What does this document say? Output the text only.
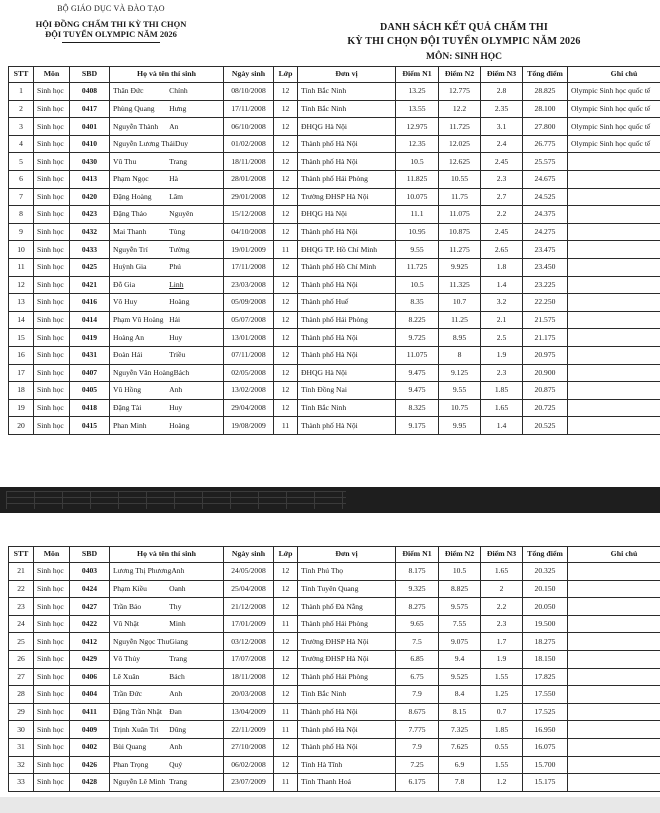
BỘ GIÁO DỤC VÀ ĐÀO TẠO
HỘI ĐỒNG CHẤM THI KỲ THI CHỌN
ĐỘI TUYỂN OLYMPIC NĂM 2026
DANH SÁCH KẾT QUẢ CHẤM THI
KỲ THI CHỌN ĐỘI TUYỂN OLYMPIC NĂM 2026
MÔN: SINH HỌC
STT	Môn	SBD	Họ và tên thí sinh	Ngày sinh	Lớp	Đơn vị	Điểm N1	Điểm N2	Điểm N3	Tổng điểm	Ghi chú
1	Sinh học	0408	Thân Đức Chính	08/10/2008	12	Tỉnh Bắc Ninh	13.25	12.775	2.8	28.825	Olympic Sinh học quốc tế
2	Sinh học	0417	Phùng Quang Hưng	17/11/2008	12	Tỉnh Bắc Ninh	13.55	12.2	2.35	28.100	Olympic Sinh học quốc tế
3	Sinh học	0401	Nguyễn Thành An	06/10/2008	12	ĐHQG Hà Nội	12.975	11.725	3.1	27.800	Olympic Sinh học quốc tế
4	Sinh học	0410	Nguyễn Lương Thái Duy	01/02/2008	12	Thành phố Hà Nội	12.35	12.025	2.4	26.775	Olympic Sinh học quốc tế
5	Sinh học	0430	Vũ Thu Trang	18/11/2008	12	Thành phố Hà Nội	10.5	12.625	2.45	25.575	
6	Sinh học	0413	Phạm Ngọc Hà	28/01/2008	12	Thành phố Hải Phòng	11.825	10.55	2.3	24.675	
7	Sinh học	0420	Đặng Hoàng Lâm	29/01/2008	12	Trường ĐHSP Hà Nội	10.075	11.75	2.7	24.525	
8	Sinh học	0423	Đặng Thảo Nguyên	15/12/2008	12	ĐHQG Hà Nội	11.1	11.075	2.2	24.375	
9	Sinh học	0432	Mai Thanh Tùng	04/10/2008	12	Thành phố Hà Nội	10.95	10.875	2.45	24.275	
10	Sinh học	0433	Nguyễn Trí Tường	19/01/2009	11	ĐHQG TP. Hồ Chí Minh	9.55	11.275	2.65	23.475	
11	Sinh học	0425	Huỳnh Gia Phú	17/11/2008	12	Thành phố Hồ Chí Minh	11.725	9.925	1.8	23.450	
12	Sinh học	0421	Đỗ Gia Linh	23/03/2008	12	Thành phố Hà Nội	10.5	11.325	1.4	23.225	
13	Sinh học	0416	Võ Huy Hoàng	05/09/2008	12	Thành phố Huế	8.35	10.7	3.2	22.250	
14	Sinh học	0414	Phạm Vũ Hoàng Hải	05/07/2008	12	Thành phố Hải Phòng	8.225	11.25	2.1	21.575	
15	Sinh học	0419	Hoàng An Huy	13/01/2008	12	Thành phố Hà Nội	9.725	8.95	2.5	21.175	
16	Sinh học	0431	Đoàn Hải Triều	07/11/2008	12	Thành phố Hà Nội	11.075	8	1.9	20.975	
17	Sinh học	0407	Nguyễn Văn Hoàng Bách	02/05/2008	12	ĐHQG Hà Nội	9.475	9.125	2.3	20.900	
18	Sinh học	0405	Vũ Hồng Anh	13/02/2008	12	Tỉnh Đồng Nai	9.475	9.55	1.85	20.875	
19	Sinh học	0418	Đặng Tài Huy	29/04/2008	12	Tỉnh Bắc Ninh	8.325	10.75	1.65	20.725	
20	Sinh học	0415	Phan Minh Hoàng	19/08/2009	11	Thành phố Hà Nội	9.175	9.95	1.4	20.525	
STT	Môn	SBD	Họ và tên thí sinh	Ngày sinh	Lớp	Đơn vị	Điểm N1	Điểm N2	Điểm N3	Tổng điểm	Ghi chú
21	Sinh học	0403	Lương Thị Phương Anh	24/05/2008	12	Tỉnh Phú Thọ	8.175	10.5	1.65	20.325	
22	Sinh học	0424	Phạm Kiều Oanh	25/04/2008	12	Tỉnh Tuyên Quang	9.325	8.825	2	20.150	
23	Sinh học	0427	Trần Bảo Thy	21/12/2008	12	Thành phố Đà Nẵng	8.275	9.575	2.2	20.050	
24	Sinh học	0422	Vũ Nhật Minh	17/01/2009	11	Thành phố Hải Phòng	9.65	7.55	2.3	19.500	
25	Sinh học	0412	Nguyễn Ngọc Thu Giang	03/12/2008	12	Trường ĐHSP Hà Nội	7.5	9.075	1.7	18.275	
26	Sinh học	0429	Võ Thủy Trang	17/07/2008	12	Trường ĐHSP Hà Nội	6.85	9.4	1.9	18.150	
27	Sinh học	0406	Lê Xuân Bách	18/11/2008	12	Thành phố Hải Phòng	6.75	9.525	1.55	17.825	
28	Sinh học	0404	Trần Đức Anh	20/03/2008	12	Tỉnh Bắc Ninh	7.9	8.4	1.25	17.550	
29	Sinh học	0411	Đặng Trần Nhật Đan	13/04/2009	11	Thành phố Hà Nội	8.675	8.15	0.7	17.525	
30	Sinh học	0409	Trịnh Xuân Tri Dũng	22/11/2009	11	Thành phố Hà Nội	7.775	7.325	1.85	16.950	
31	Sinh học	0402	Bùi Quang Anh	27/10/2008	12	Thành phố Hà Nội	7.9	7.625	0.55	16.075	
32	Sinh học	0426	Phan Trọng Quý	06/02/2008	12	Tỉnh Hà Tĩnh	7.25	6.9	1.55	15.700	
33	Sinh học	0428	Nguyễn Lê Minh Trang	23/07/2009	11	Tỉnh Thanh Hoá	6.175	7.8	1.2	15.175	
